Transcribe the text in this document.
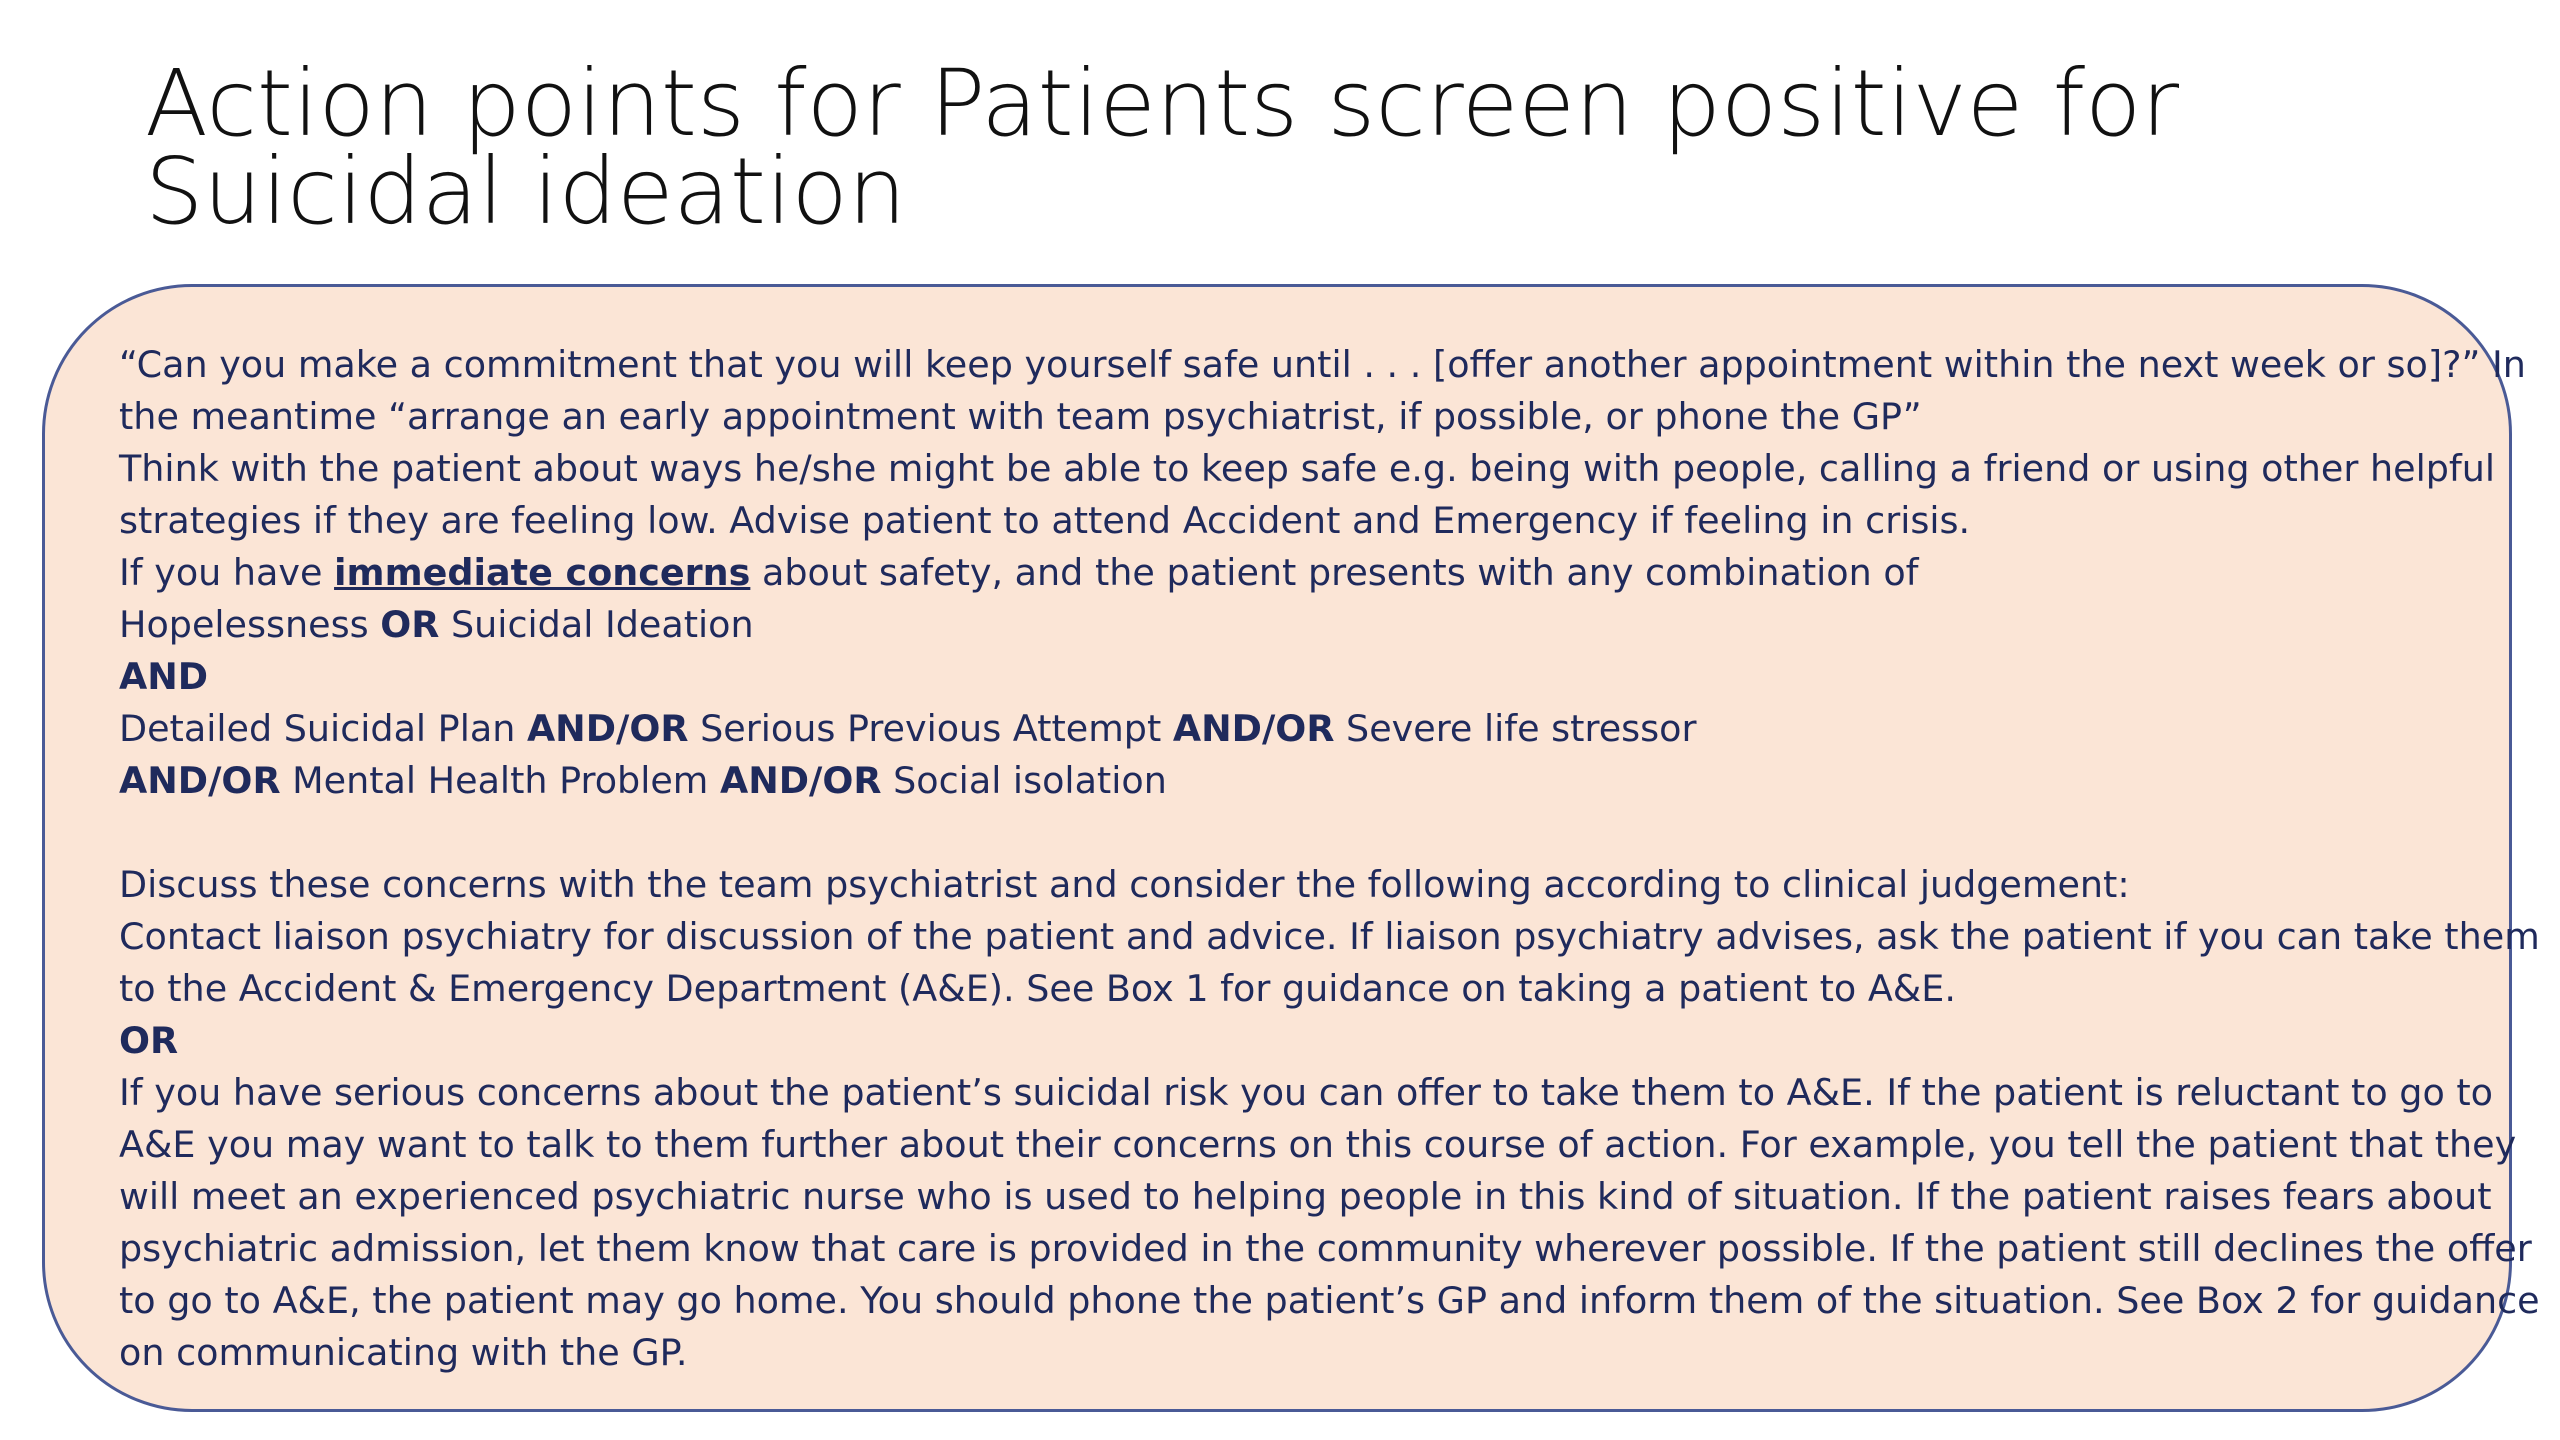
Action points for Patients screen positive for
Suicidal ideation

“Can you make a commitment that you will keep yourself safe until . . . [offer another appointment within the next week or so]?” In

the meantime “arrange an early appointment with team psychiatrist, if possible, or phone the GP”

Think with the patient about ways he/she might be able to keep safe e.g. being with people, calling a friend or using other helpful

strategies if they are feeling low. Advise patient to attend Accident and Emergency if feeling in crisis.

If you have immediate concerns about safety, and the patient presents with any combination of

Hopelessness OR Suicidal Ideation

AND

Detailed Suicidal Plan AND/OR Serious Previous Attempt AND/OR Severe life stressor

AND/OR Mental Health Problem AND/OR Social isolation

Discuss these concerns with the team psychiatrist and consider the following according to clinical judgement:

Contact liaison psychiatry for discussion of the patient and advice. If liaison psychiatry advises, ask the patient if you can take them

to the Accident & Emergency Department (A&E). See Box 1 for guidance on taking a patient to A&E.

OR

If you have serious concerns about the patient’s suicidal risk you can offer to take them to A&E. If the patient is reluctant to go to

A&E you may want to talk to them further about their concerns on this course of action. For example, you tell the patient that they

will meet an experienced psychiatric nurse who is used to helping people in this kind of situation. If the patient raises fears about

psychiatric admission, let them know that care is provided in the community wherever possible. If the patient still declines the offer

to go to A&E, the patient may go home. You should phone the patient’s GP and inform them of the situation. See Box 2 for guidance

on communicating with the GP.
